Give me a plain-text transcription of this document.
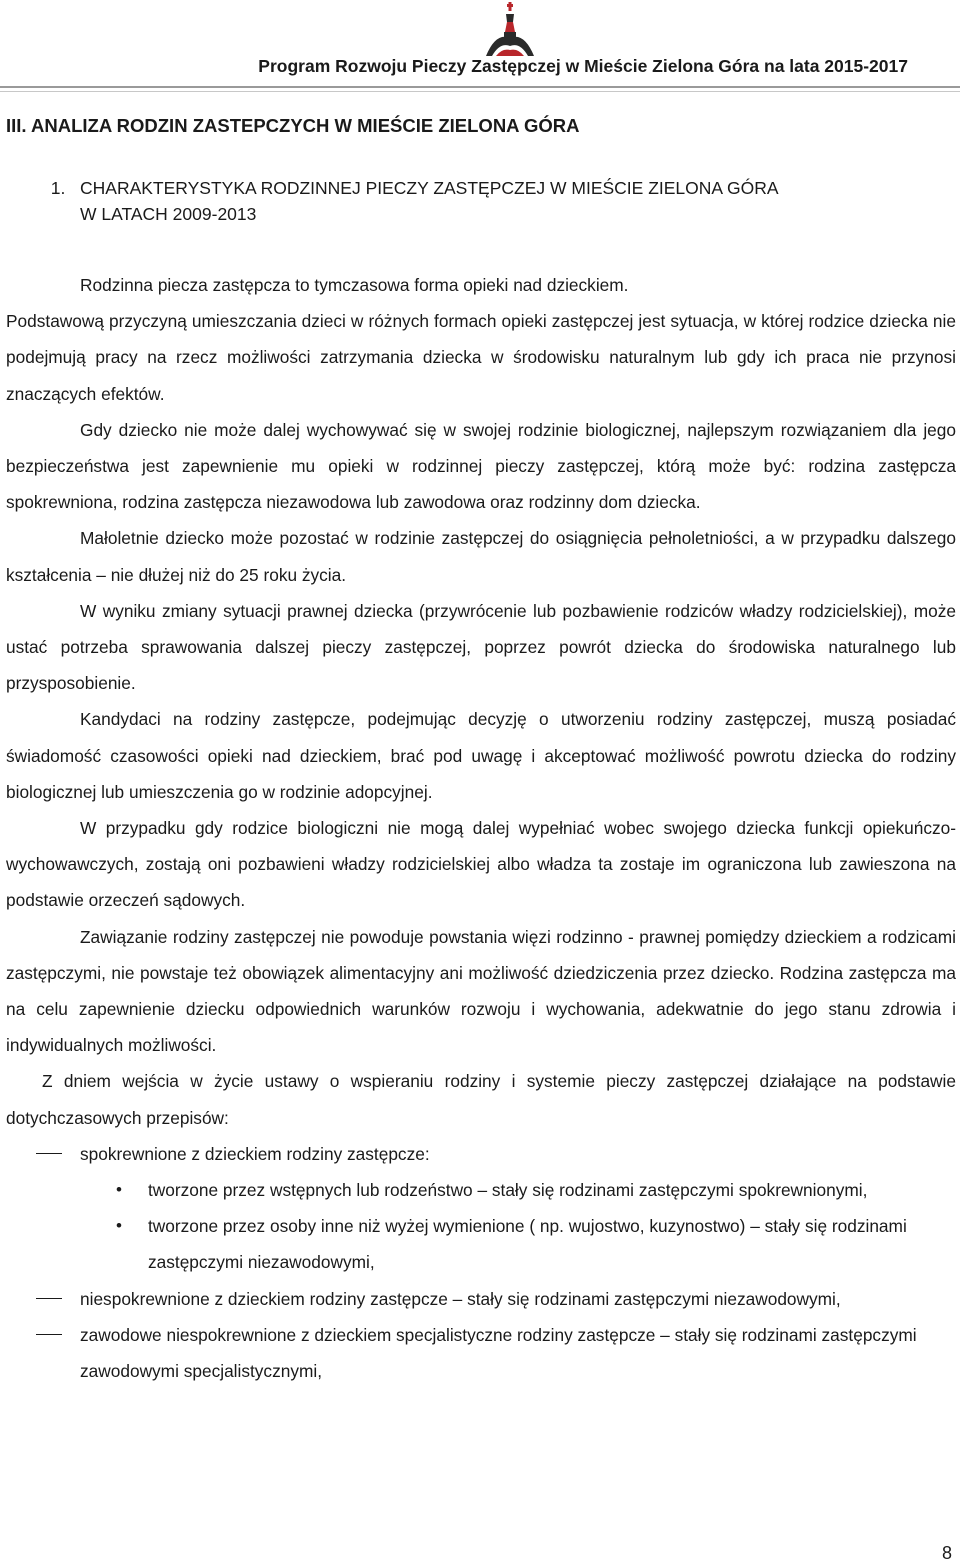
Program Rozwoju Pieczy Zastępczej w Mieście Zielona Góra na lata 2015-2017
III. ANALIZA RODZIN ZASTEPCZYCH W MIEŚCIE ZIELONA GÓRA
1. CHARAKTERYSTYKA RODZINNEJ PIECZY ZASTĘPCZEJ W MIEŚCIE ZIELONA GÓRA
W LATACH 2009-2013

Rodzinna piecza zastępcza to tymczasowa forma opieki nad dzieckiem.

Podstawową przyczyną umieszczania dzieci w różnych formach opieki zastępczej jest sytuacja, w której rodzice dziecka nie podejmują pracy na rzecz możliwości zatrzymania dziecka w środowisku naturalnym lub gdy ich praca nie przynosi znaczących efektów.

Gdy dziecko nie może dalej wychowywać się w swojej rodzinie biologicznej, najlepszym rozwiązaniem dla jego bezpieczeństwa jest zapewnienie mu opieki w rodzinnej pieczy zastępczej, którą może być: rodzina zastępcza spokrewniona, rodzina zastępcza niezawodowa lub zawodowa oraz rodzinny dom dziecka.

Małoletnie dziecko może pozostać w rodzinie zastępczej do osiągnięcia pełnoletniości, a w przypadku dalszego kształcenia – nie dłużej niż do 25 roku życia.

W wyniku zmiany sytuacji prawnej dziecka (przywrócenie lub pozbawienie rodziców władzy rodzicielskiej), może ustać potrzeba sprawowania dalszej pieczy zastępczej, poprzez powrót dziecka do środowiska naturalnego lub przysposobienie.

Kandydaci na rodziny zastępcze, podejmując decyzję o utworzeniu rodziny zastępczej, muszą posiadać świadomość czasowości opieki nad dzieckiem, brać pod uwagę i akceptować możliwość powrotu dziecka do rodziny biologicznej lub umieszczenia go w rodzinie adopcyjnej.

W przypadku gdy rodzice biologiczni nie mogą dalej wypełniać wobec swojego dziecka funkcji opiekuńczo-wychowawczych, zostają oni pozbawieni władzy rodzicielskiej albo władza ta zostaje im ograniczona lub zawieszona na podstawie orzeczeń sądowych.

Zawiązanie rodziny zastępczej nie powoduje powstania więzi rodzinno - prawnej pomiędzy dzieckiem a rodzicami zastępczymi, nie powstaje też obowiązek alimentacyjny ani możliwość dziedziczenia przez dziecko. Rodzina zastępcza ma na celu zapewnienie dziecku odpowiednich warunków rozwoju i wychowania, adekwatnie do jego stanu zdrowia i indywidualnych możliwości.

Z dniem wejścia w życie ustawy o wspieraniu rodziny i systemie pieczy zastępczej działające na podstawie dotychczasowych przepisów:

spokrewnione z dzieckiem rodziny zastępcze:
• tworzone przez wstępnych lub rodzeństwo – stały się rodzinami zastępczymi spokrewnionymi,
• tworzone przez osoby inne niż wyżej wymienione ( np. wujostwo, kuzynostwo) – stały się rodzinami zastępczymi niezawodowymi,
niespokrewnione z dzieckiem rodziny zastępcze – stały się rodzinami zastępczymi niezawodowymi,
zawodowe niespokrewnione z dzieckiem specjalistyczne rodziny zastępcze – stały się rodzinami zastępczymi zawodowymi specjalistycznymi,
8
